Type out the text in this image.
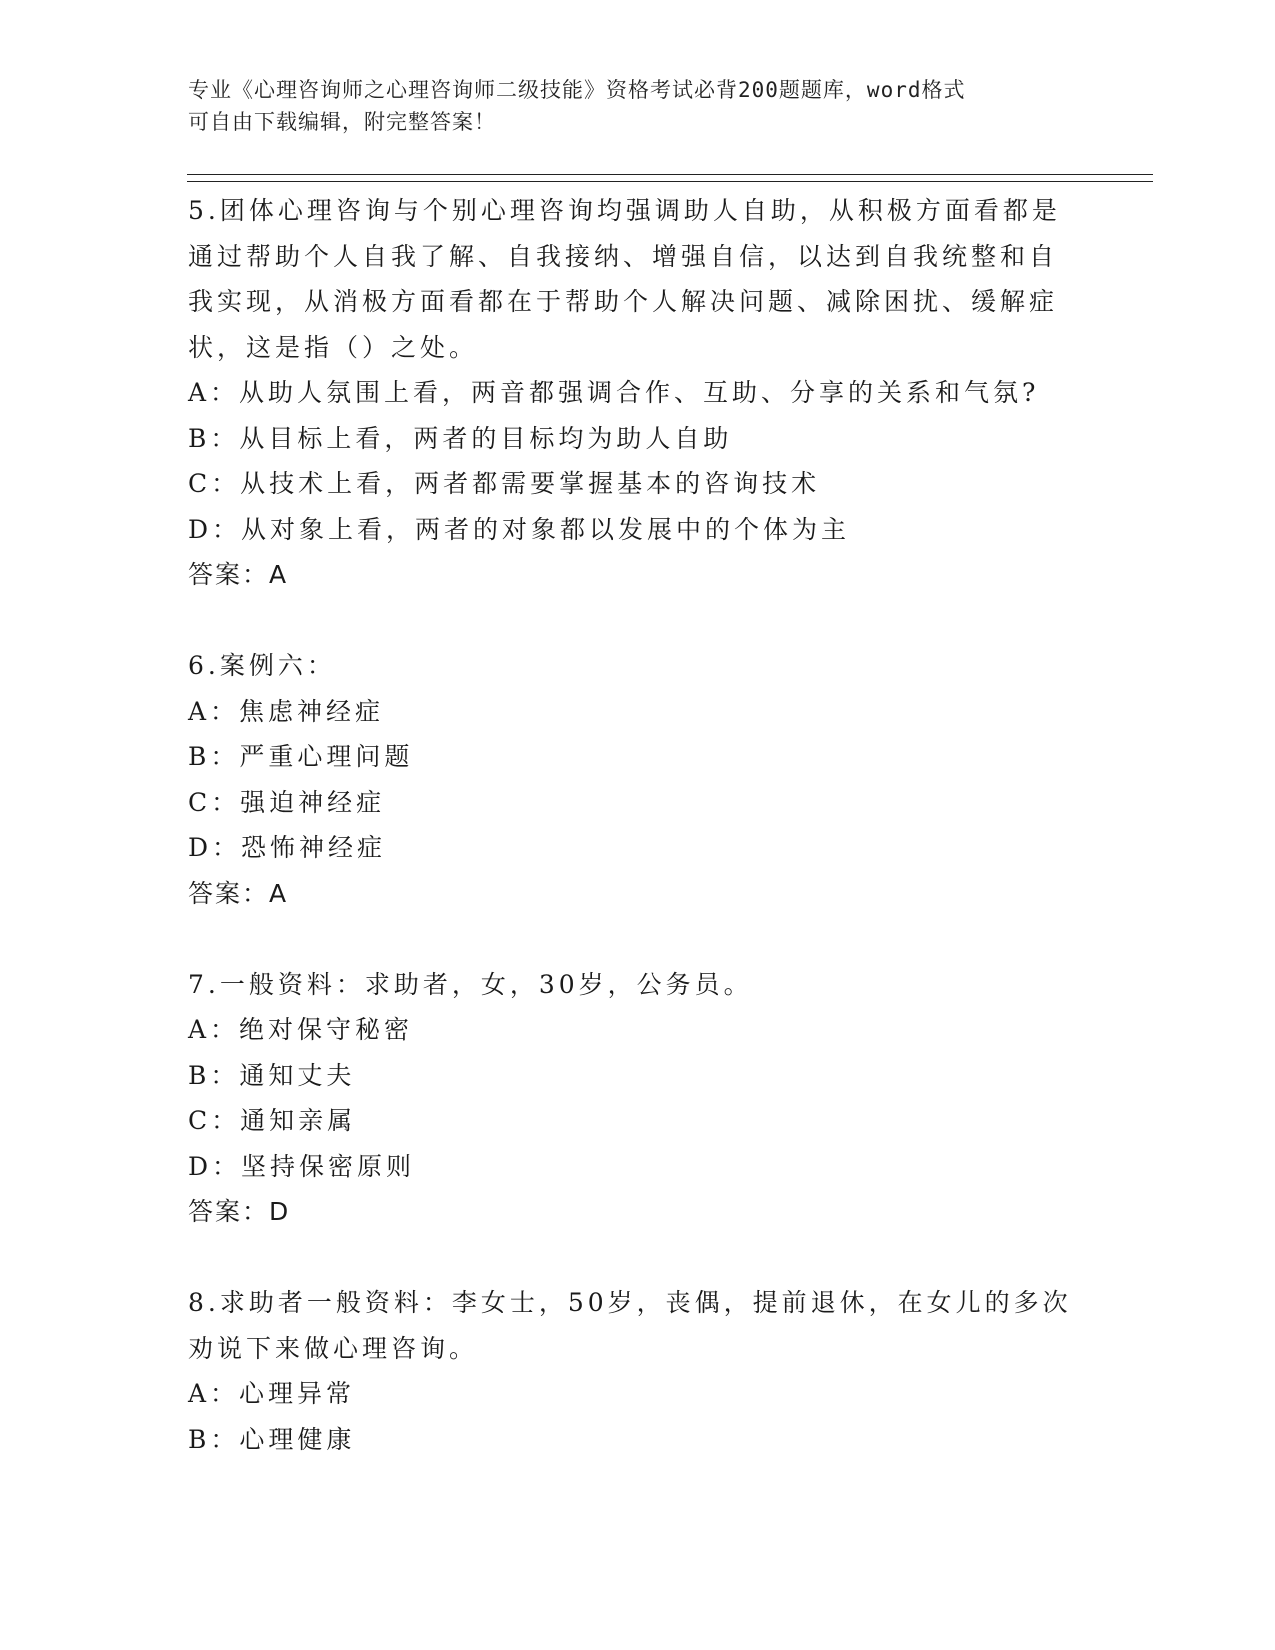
专业《心理咨询师之心理咨询师二级技能》资格考试必背200题题库，word格式
可自由下载编辑，附完整答案！
5.团体心理咨询与个别心理咨询均强调助人自助，从积极方面看都是
通过帮助个人自我了解、自我接纳、增强自信，以达到自我统整和自
我实现，从消极方面看都在于帮助个人解决问题、减除困扰、缓解症
状，这是指（）之处。
A：从助人氛围上看，两音都强调合作、互助、分享的关系和气氛?
B：从目标上看，两者的目标均为助人自助
C：从技术上看，两者都需要掌握基本的咨询技术
D：从对象上看，两者的对象都以发展中的个体为主
答案：A
6.案例六：
A：焦虑神经症
B：严重心理问题
C：强迫神经症
D：恐怖神经症
答案：A
7.一般资料：求助者，女，30岁，公务员。
A：绝对保守秘密
B：通知丈夫
C：通知亲属
D：坚持保密原则
答案：D
8.求助者一般资料：李女士，50岁，丧偶，提前退休，在女儿的多次
劝说下来做心理咨询。
A：心理异常
B：心理健康
